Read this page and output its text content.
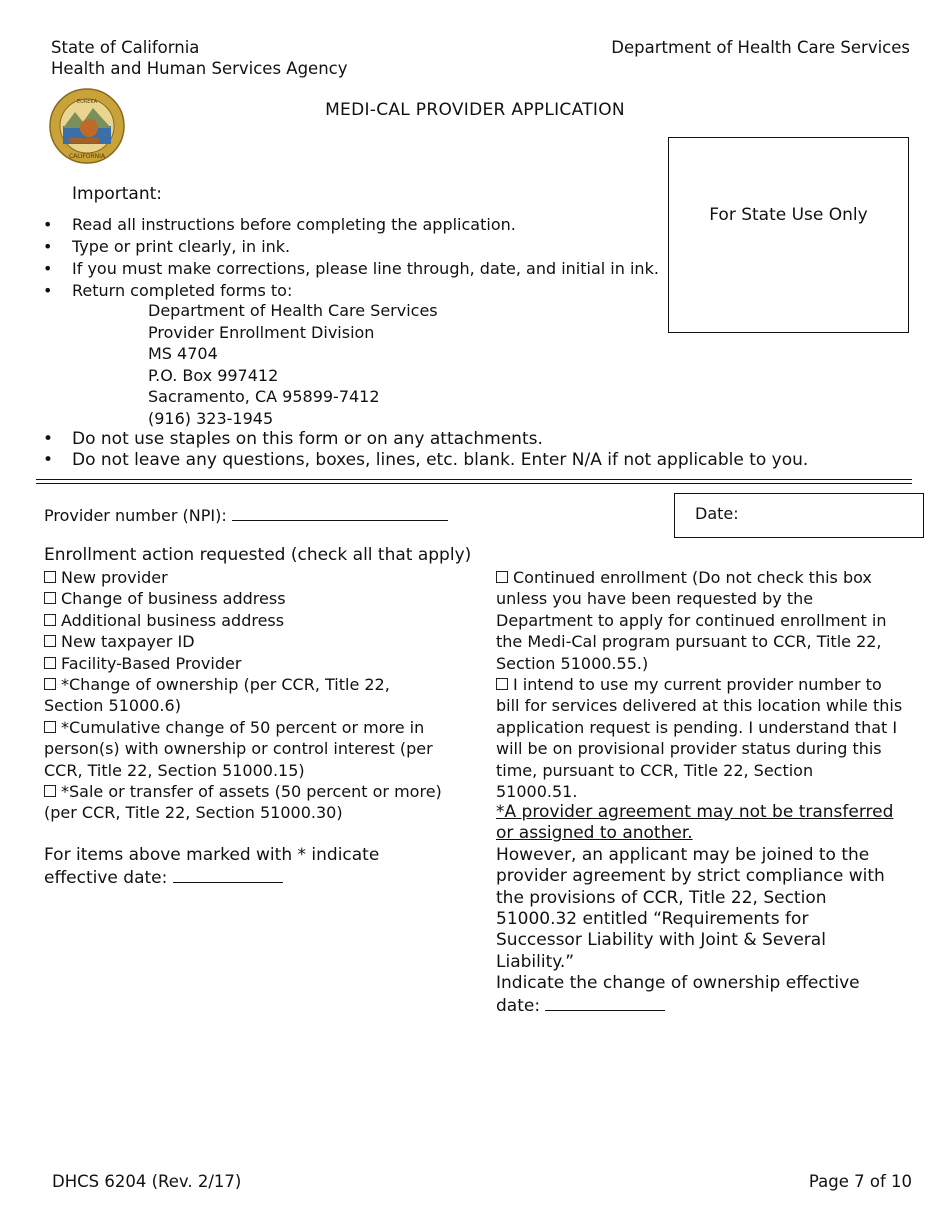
State of California
Health and Human Services Agency
Department of Health Care Services
CALIFORNIA
EUREKA	MEDI-CAL PROVIDER APPLICATION
For State Use Only
Important:
• Read all instructions before completing the application.
• Type or print clearly, in ink.
• If you must make corrections, please line through, date, and initial in ink.
• Return completed forms to:
Department of Health Care Services
Provider Enrollment Division
MS 4704
P.O. Box 997412
Sacramento, CA 95899-7412
(916) 323-1945
• Do not use staples on this form or on any attachments.
• Do not leave any questions, boxes, lines, etc. blank. Enter N/A if not applicable to you.
Provider number (NPI):	Date:
Enrollment action requested (check all that apply)
New provider
Change of business address
Additional business address
New taxpayer ID
Facility-Based Provider
*Change of ownership (per CCR, Title 22,
Section 51000.6)
*Cumulative change of 50 percent or more in
person(s) with ownership or control interest (per
CCR, Title 22, Section 51000.15)
*Sale or transfer of assets (50 percent or more)
(per CCR, Title 22, Section 51000.30)
For items above marked with * indicate
effective date:
Continued enrollment (Do not check this box
unless you have been requested by the
Department to apply for continued enrollment in
the Medi-Cal program pursuant to CCR, Title 22,
Section 51000.55.)
I intend to use my current provider number to
bill for services delivered at this location while this
application request is pending. I understand that I
will be on provisional provider status during this
time, pursuant to CCR, Title 22, Section
51000.51.
*A provider agreement may not be transferred
or assigned to another.
However, an applicant may be joined to the
provider agreement by strict compliance with
the provisions of CCR, Title 22, Section
51000.32 entitled “Requirements for
Successor Liability with Joint & Several
Liability.”
Indicate the change of ownership effective
date:
DHCS 6204 (Rev. 2/17)	Page 7 of 10
